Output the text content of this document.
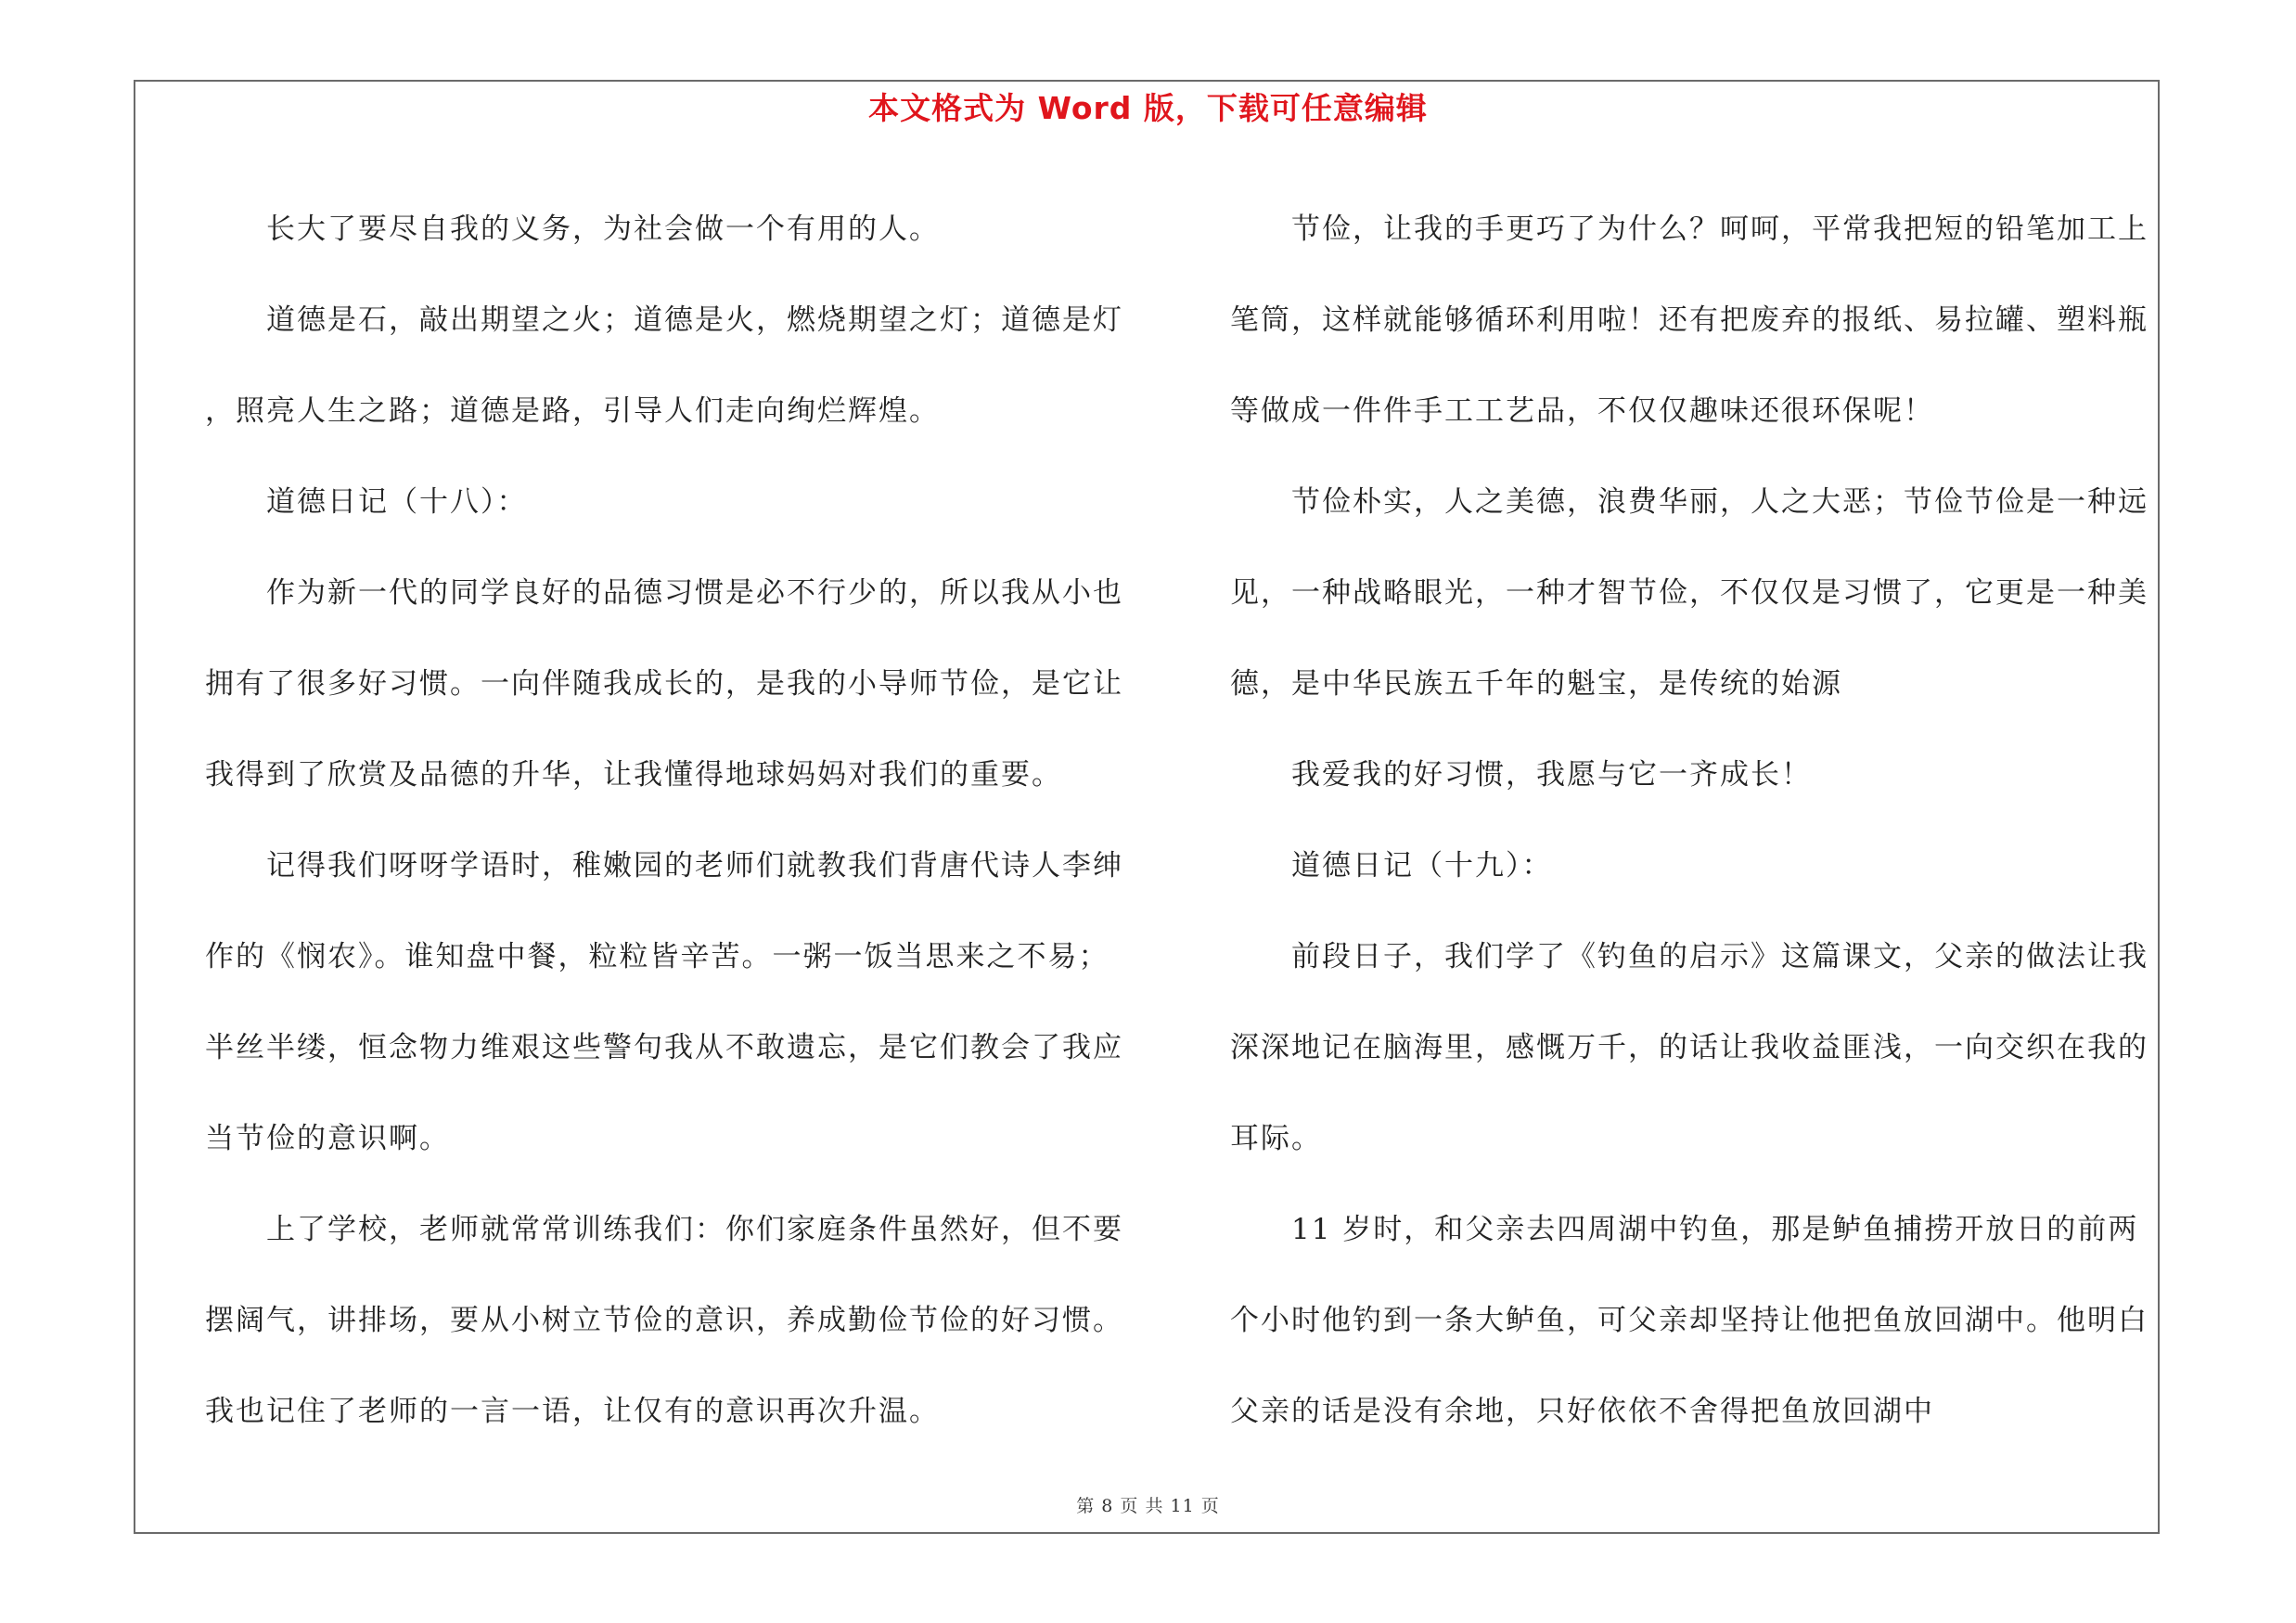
本文格式为 Word 版，下载可任意编辑
长大了要尽自我的义务，为社会做一个有用的人。
道德是石，敲出期望之火；道德是火，燃烧期望之灯；道德是灯
，照亮人生之路；道德是路，引导人们走向绚烂辉煌。
道德日记（十八）：
作为新一代的同学良好的品德习惯是必不行少的，所以我从小也
拥有了很多好习惯。一向伴随我成长的，是我的小导师节俭，是它让
我得到了欣赏及品德的升华，让我懂得地球妈妈对我们的重要。
记得我们呀呀学语时，稚嫩园的老师们就教我们背唐代诗人李绅
作的《悯农》。谁知盘中餐，粒粒皆辛苦。一粥一饭当思来之不易；
半丝半缕，恒念物力维艰这些警句我从不敢遗忘，是它们教会了我应
当节俭的意识啊。
上了学校，老师就常常训练我们：你们家庭条件虽然好，但不要
摆阔气，讲排场，要从小树立节俭的意识，养成勤俭节俭的好习惯。
我也记住了老师的一言一语，让仅有的意识再次升温。
节俭，让我的手更巧了为什么？呵呵，平常我把短的铅笔加工上
笔筒，这样就能够循环利用啦！还有把废弃的报纸、易拉罐、塑料瓶
等做成一件件手工工艺品，不仅仅趣味还很环保呢！
节俭朴实，人之美德，浪费华丽，人之大恶；节俭节俭是一种远
见，一种战略眼光，一种才智节俭，不仅仅是习惯了，它更是一种美
德，是中华民族五千年的魁宝，是传统的始源
我爱我的好习惯，我愿与它一齐成长！
道德日记（十九）：
前段日子，我们学了《钓鱼的启示》这篇课文，父亲的做法让我
深深地记在脑海里，感慨万千，的话让我收益匪浅，一向交织在我的
耳际。
11 岁时，和父亲去四周湖中钓鱼，那是鲈鱼捕捞开放日的前两
个小时他钓到一条大鲈鱼，可父亲却坚持让他把鱼放回湖中。他明白
父亲的话是没有余地，只好依依不舍得把鱼放回湖中
第 8 页 共 11 页
